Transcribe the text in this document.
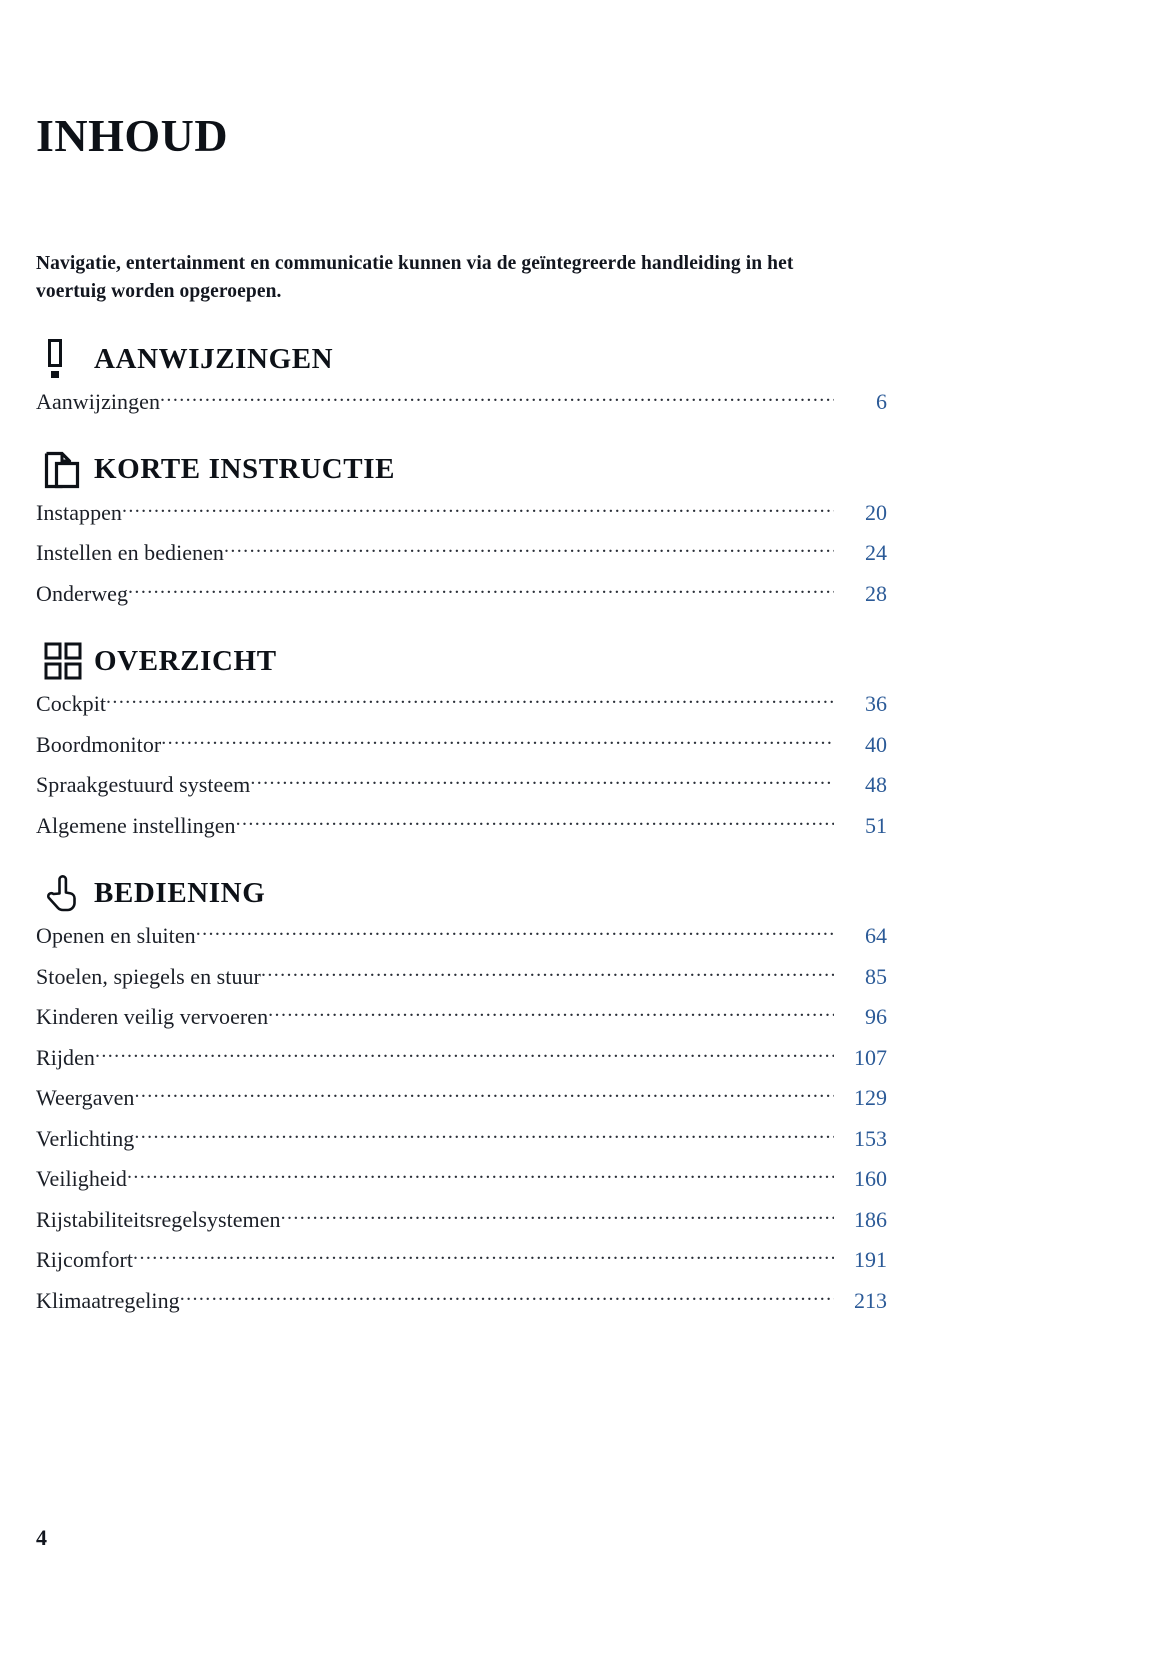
INHOUD
Navigatie, entertainment en communicatie kunnen via de geïntegreerde handleiding in het voertuig worden opgeroepen.
AANWIJZINGEN
Aanwijzingen .....	6
KORTE INSTRUCTIE
Instappen .....	20
Instellen en bedienen .....	24
Onderweg .....	28
OVERZICHT
Cockpit .....	36
Boordmonitor .....	40
Spraakgestuurd systeem .....	48
Algemene instellingen .....	51
BEDIENING
Openen en sluiten .....	64
Stoelen, spiegels en stuur .....	85
Kinderen veilig vervoeren .....	96
Rijden .....	107
Weergaven .....	129
Verlichting .....	153
Veiligheid .....	160
Rijstabiliteitsregelsystemen .....	186
Rijcomfort .....	191
Klimaatregeling .....	213
4
